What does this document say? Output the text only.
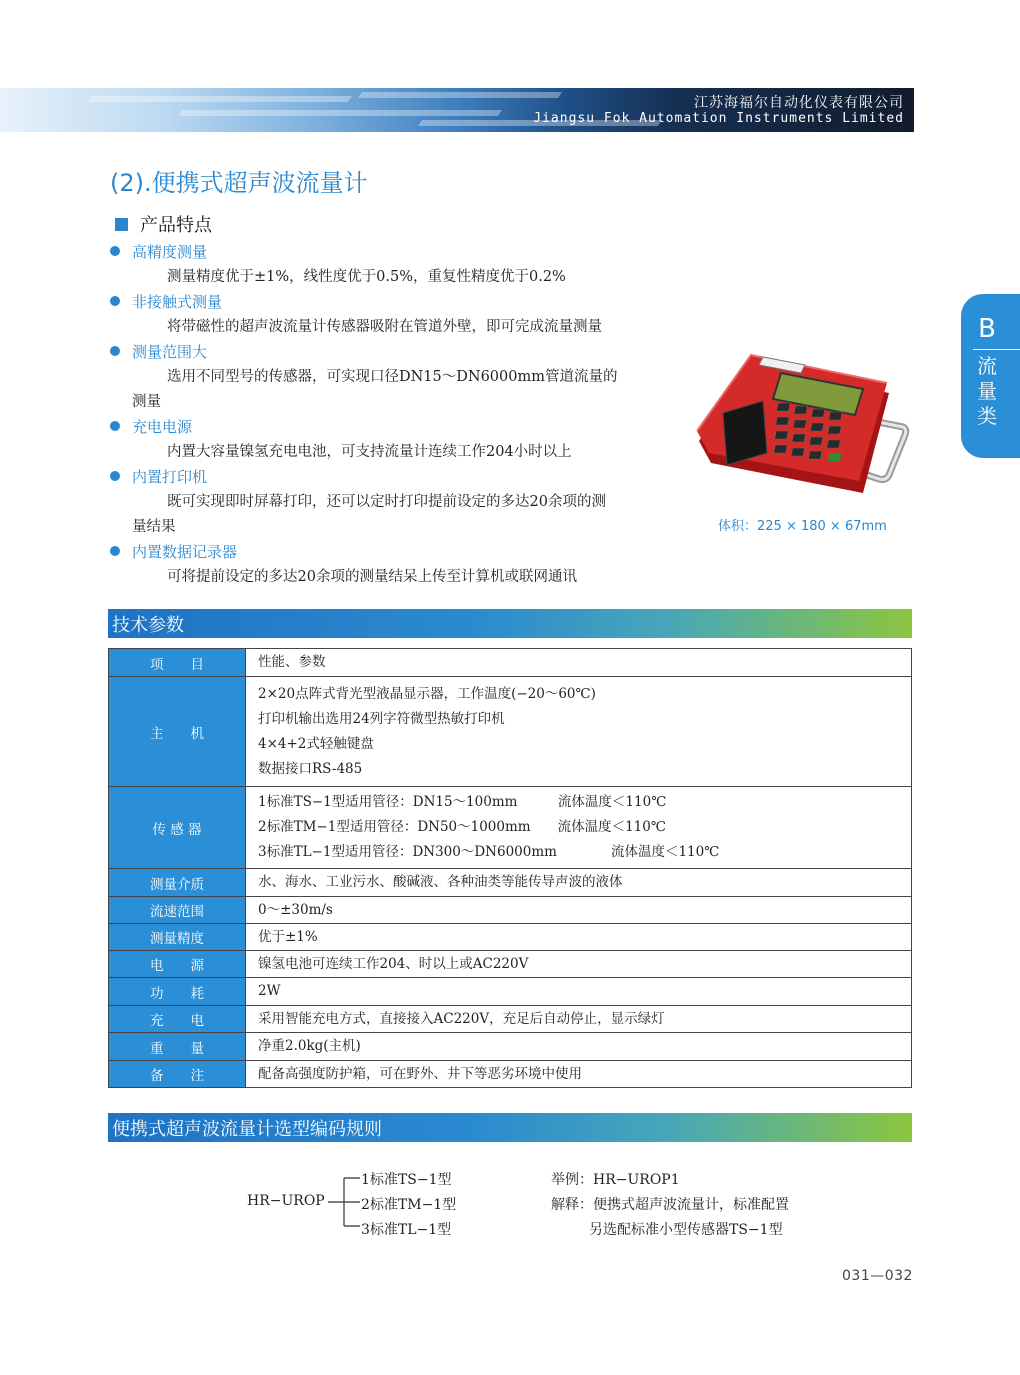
江苏海福尔自动化仪表有限公司
Jiangsu Fok Automation Instruments Limited
B
流
量
类
(2).便携式超声波流量计
产品特点
高精度测量
测量精度优于±1%，线性度优于0.5%，重复性精度优于0.2%
非接触式测量
将带磁性的超声波流量计传感器吸附在管道外壁，即可完成流量测量
测量范围大
选用不同型号的传感器，可实现口径DN15～DN6000mm管道流量的
测量
充电电源
内置大容量镍氢充电电池，可支持流量计连续工作204小时以上
内置打印机
既可实现即时屏幕打印，还可以定时打印提前设定的多达20余项的测
量结果
内置数据记录器
可将提前设定的多达20余项的测量结呆上传至计算机或联网通讯
体积：225 × 180 × 67mm
技术参数
项　　目	性能、参数

主　　机	2×20点阵式背光型液晶显示器，工作温度(−20～60℃)
打印机输出选用24列字符微型热敏打印机
4×4+2式轻触键盘
数据接口RS-485

传 感 器	1标准TS−1型适用管径：DN15～100mm　　　流体温度＜110℃
2标准TM−1型适用管径：DN50～1000mm　　流体温度＜110℃
3标准TL−1型适用管径：DN300～DN6000mm　　　　流体温度＜110℃

测量介质	水、海水、工业污水、酸碱液、各种油类等能传导声波的液体

流速范围	0～±30m/s

测量精度	优于±1%

电　　源	镍氢电池可连续工作204、时以上或AC220V

功　　耗	2W

充　　电	采用智能充电方式，直接接入AC220V，充足后自动停止，显示绿灯

重　　量	净重2.0kg(主机)

备　　注	配备高强度防护箱，可在野外、井下等恶劣环境中使用
便携式超声波流量计选型编码规则
HR−UROP
1标准TS−1型
2标准TM−1型
3标准TL−1型
举例：HR−UROP1
解释：便携式超声波流量计，标准配置
另选配标准小型传感器TS−1型
031—032
